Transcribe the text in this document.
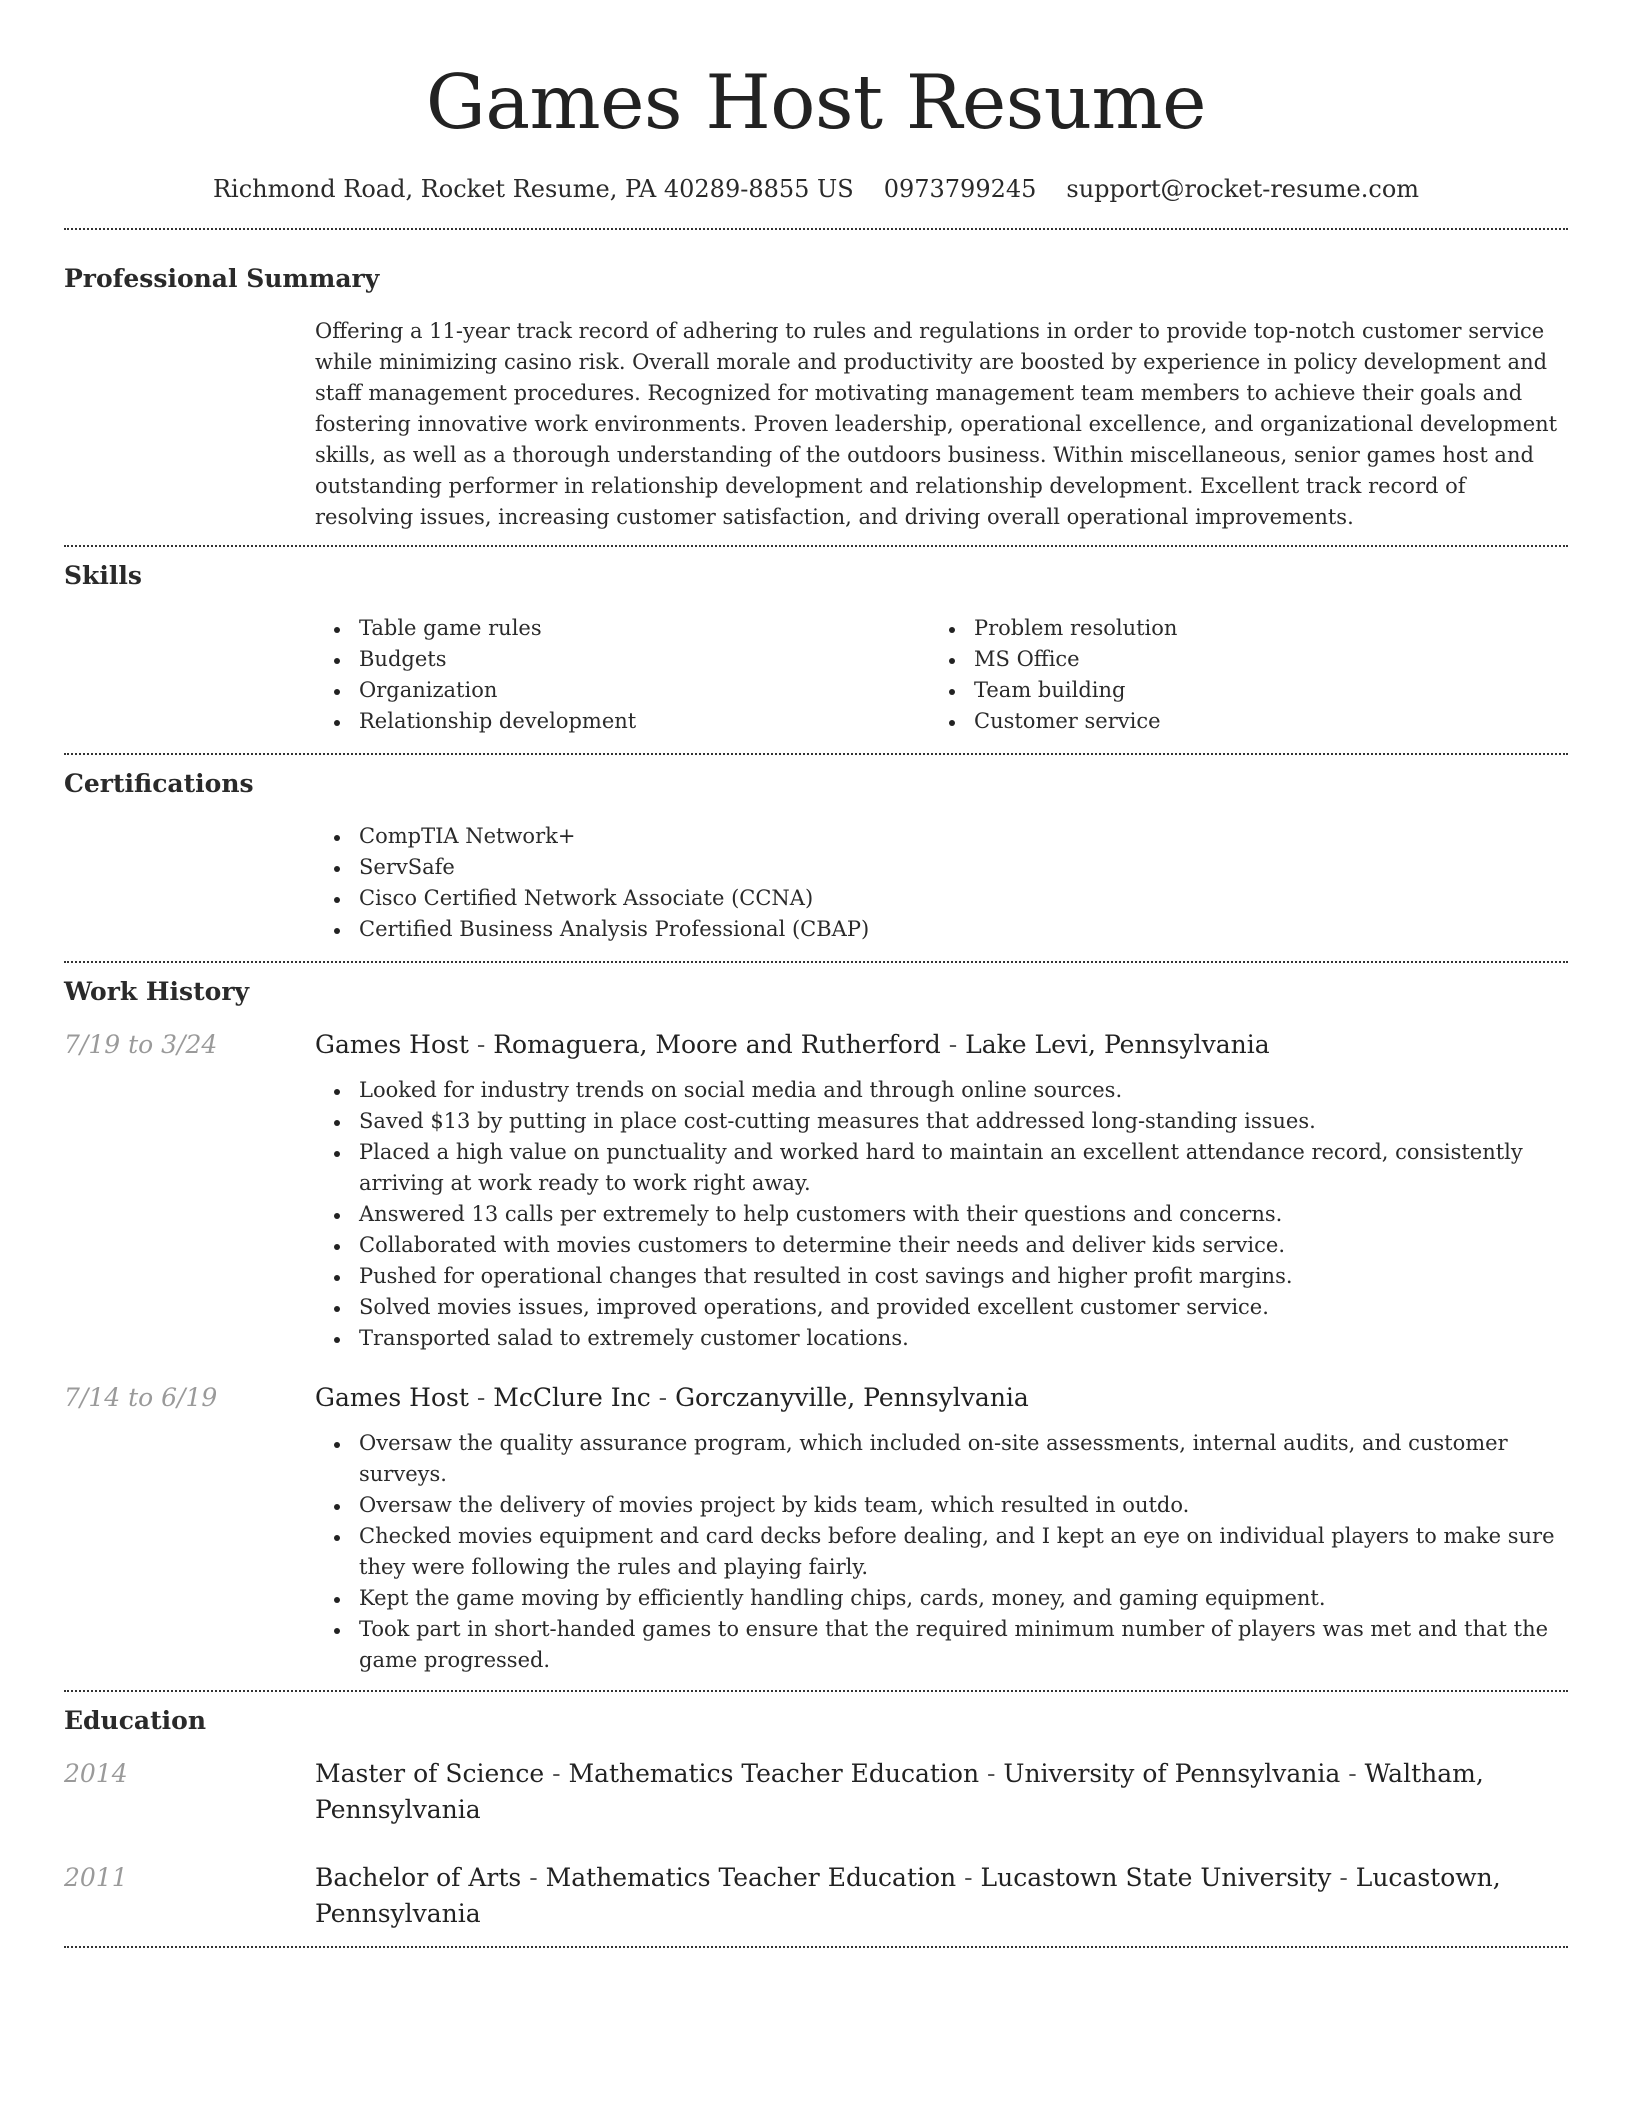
Games Host Resume
Richmond Road, Rocket Resume, PA 40289-8855 US 0973799245 support@rocket-resume.com
Professional Summary

Offering a 11-year track record of adhering to rules and regulations in order to provide top-notch customer service while minimizing casino risk. Overall morale and productivity are boosted by experience in policy development and staff management procedures. Recognized for motivating management team members to achieve their goals and fostering innovative work environments. Proven leadership, operational excellence, and organizational development skills, as well as a thorough understanding of the outdoors business. Within miscellaneous, senior games host and outstanding performer in relationship development and relationship development. Excellent track record of resolving issues, increasing customer satisfaction, and driving overall operational improvements.

Skills
Table game rules
Budgets
Organization
Relationship development
Problem resolution
MS Office
Team building
Customer service
Certifications
CompTIA Network+
ServSafe
Cisco Certified Network Associate (CCNA)
Certified Business Analysis Professional (CBAP)
Work History
7/19 to 3/24	Games Host - Romaguera, Moore and Rutherford - Lake Levi, Pennsylvania
Looked for industry trends on social media and through online sources.
Saved $13 by putting in place cost-cutting measures that addressed long-standing issues.
Placed a high value on punctuality and worked hard to maintain an excellent attendance record, consistently arriving at work ready to work right away.
Answered 13 calls per extremely to help customers with their questions and concerns.
Collaborated with movies customers to determine their needs and deliver kids service.
Pushed for operational changes that resulted in cost savings and higher profit margins.
Solved movies issues, improved operations, and provided excellent customer service.
Transported salad to extremely customer locations.
7/14 to 6/19	Games Host - McClure Inc - Gorczanyville, Pennsylvania
Oversaw the quality assurance program, which included on-site assessments, internal audits, and customer surveys.
Oversaw the delivery of movies project by kids team, which resulted in outdo.
Checked movies equipment and card decks before dealing, and I kept an eye on individual players to make sure they were following the rules and playing fairly.
Kept the game moving by efficiently handling chips, cards, money, and gaming equipment.
Took part in short-handed games to ensure that the required minimum number of players was met and that the game progressed.
Education
2014	Master of Science - Mathematics Teacher Education - University of Pennsylvania - Waltham, Pennsylvania
2011	Bachelor of Arts - Mathematics Teacher Education - Lucastown State University - Lucastown, Pennsylvania
